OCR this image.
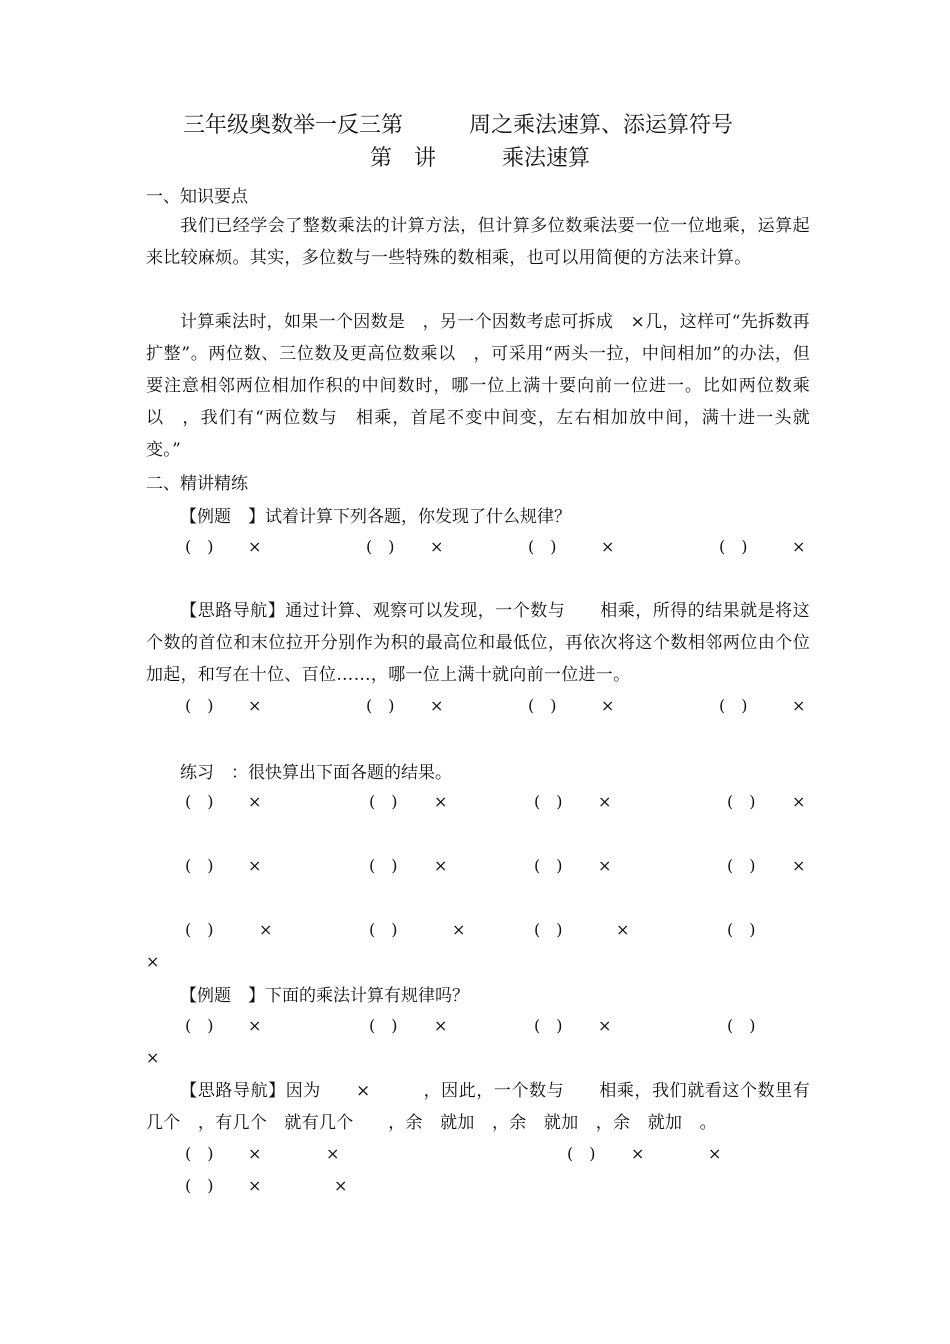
三年级奥数举一反三第　　　周之乘法速算、添运算符号
第　讲　　　乘法速算
一、知识要点

我们已经学会了整数乘法的计算方法，但计算多位数乘法要一位一位地乘，运算起来比较麻烦。其实，多位数与一些特殊的数相乘，也可以用简便的方法来计算。

计算乘法时，如果一个因数是　，另一个因数考虑可拆成　×几，这样可“先拆数再扩整”。两位数、三位数及更高位数乘以　，可采用“两头一拉，中间相加”的办法，但要注意相邻两位相加作积的中间数时，哪一位上满十要向前一位进一。比如两位数乘以　，我们有“两位数与　相乘，首尾不变中间变，左右相加放中间，满十进一头就变。”

二、精讲精练
【例题　】试着计算下列各题，你发现了什么规律？
(　) ×	(　) ×	(　)	×	(　)	×

【思路导航】通过计算、观察可以发现，一个数与　　相乘，所得的结果就是将这个数的首位和末位拉开分别作为积的最高位和最低位，再依次将这个数相邻两位由个位加起，和写在十位、百位……，哪一位上满十就向前一位进一。

(　) ×	(　) ×	(　)	×	(　)	×
练习　：很快算出下面各题的结果。
(　) ×	(　) ×	(　) ×	(　) ×
(　) ×	(　) ×	(　) ×	(　) ×
(　)	×	(　)	×	(　)	×	(　)
×
【例题　】下面的乘法计算有规律吗？
(　) ×	(　) ×	(　) ×	(　)
×

【思路导航】因为　　×　　　，因此，一个数与　　相乘，我们就看这个数里有几个　，有几个　就有几个　　，余　就加　，余　就加　，余　就加　。

(　) ×	×	(　) ×	×
(　) ×	×
